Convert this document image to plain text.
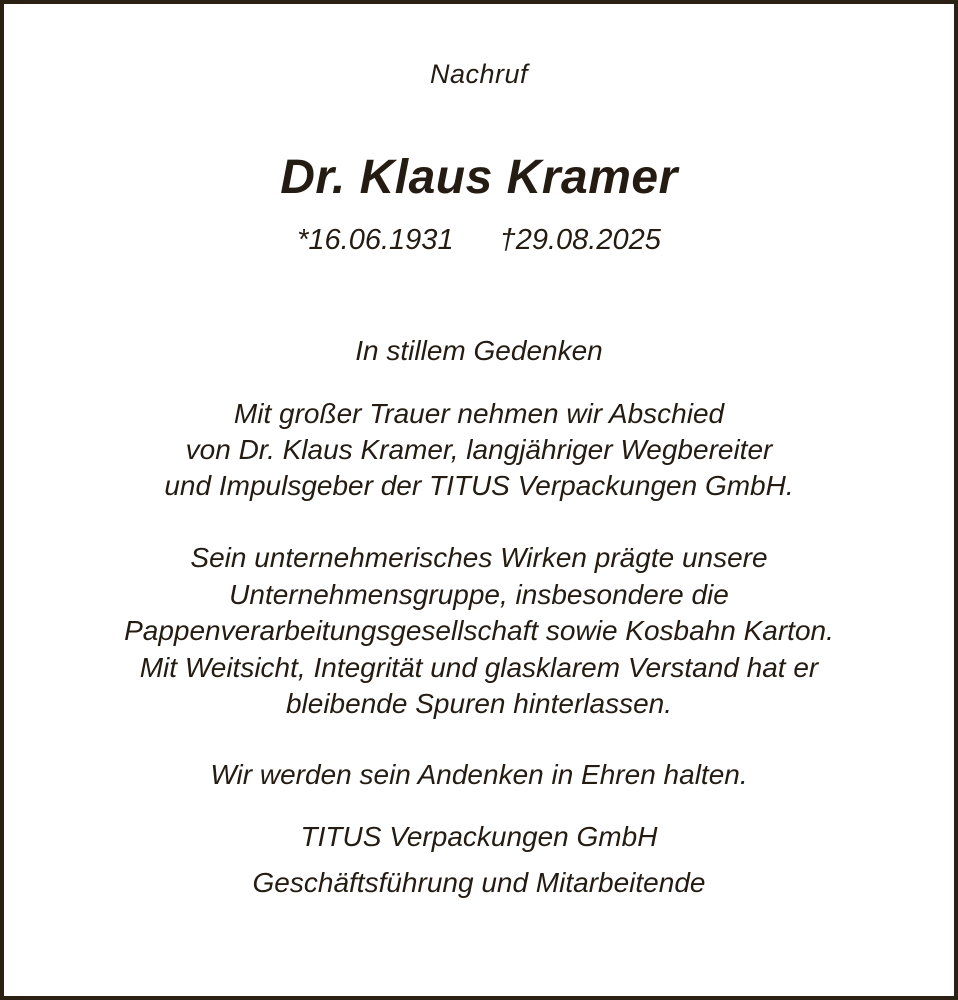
Nachruf
Dr. Klaus Kramer
*16.06.1931 †29.08.2025
In stillem Gedenken
Mit großer Trauer nehmen wir Abschied
von Dr. Klaus Kramer, langjähriger Wegbereiter
und Impulsgeber der TITUS Verpackungen GmbH.
Sein unternehmerisches Wirken prägte unsere
Unternehmensgruppe, insbesondere die
Pappenverarbeitungsgesellschaft sowie Kosbahn Karton.
Mit Weitsicht, Integrität und glasklarem Verstand hat er
bleibende Spuren hinterlassen.
Wir werden sein Andenken in Ehren halten.
TITUS Verpackungen GmbH
Geschäftsführung und Mitarbeitende
